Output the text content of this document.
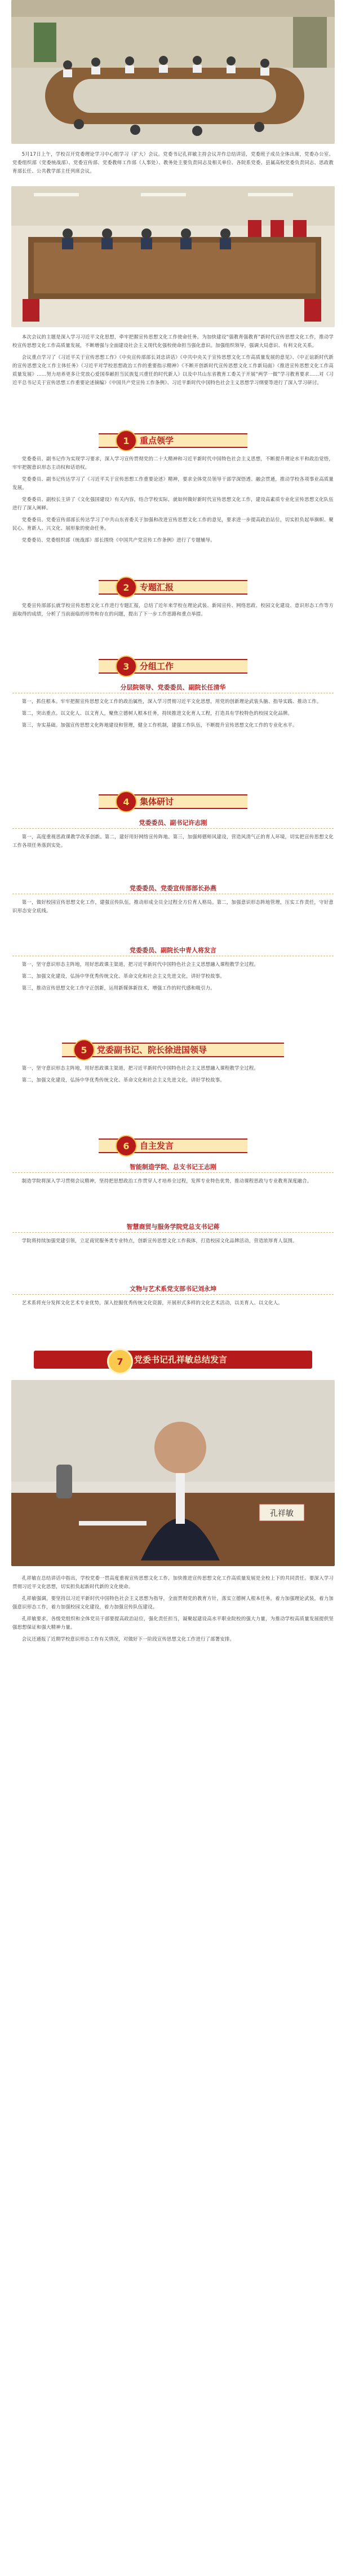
5月17日上午，学校召开党委理论学习中心组学习（扩大）会议。党委书记孔祥敏主持会议并作总结讲话，党委班子成员全体出席，党委办公室、党委组织部（党委统战部）、党委宣传部、党委教师工作部（人事处）、教务处主要负责同志及相关单位、各院系党委、县属高校党委负责同志、思政教育部长任、公共教学部主任列席会议。

本次会议的主题是深入学习习近平文化思想，牵牢把握宣传思想文化工作使命任务。为加快建设“强教育强教育”新时代宣传思想文化工作，推动学校宣传思想文化工作高质量发展，不断增强与全面建设社会主义现代化强校使命担当强化意识。加强组织领导，强调大局意识、有利文化关系。

会议重点学习了《习近平关于宣传思想工作》《中央宣传部部长刘忠讲话》《中共中央关于宣传思想文化工作高质量发展的意见》、《中正谊新时代新的宣传思想文化工作主体任务》《习近平对学校思想政治工作的重要指示精神》《不断开创新时代宣传思想文化工作新局面》《推进宣传思想文化工作高质量发展》……努力培养更多让党放心爱国奉献担当民族复兴重任的时代新人》以及中共山东省教育工委关于开展“两学一做”学习教育要求……对《习近平总书记关于宣传思想工作重要论述摘编》《中国共产党宣传工作条例》、习近平新时代中国特色社会主义思想学习纲要等进行了深入学习研讨。

1	重点领学

党委委员、副书记作为实现学习要求，深入学习宣传贯彻党的二十大精神和习近平新时代中国特色社会主义思想，不断提升理论水平和政治觉悟，牢牢把握意识形态主动权和话语权。

党委委员、副书记传达学习了《习近平关于宣传思想工作重要论述》精神，要求全体党员领导干部学深悟透、融会贯通，推动学校各项事业高质量发展。

党委委员、副校长主讲了《文化强国建设》有关内容，结合学校实际，就如何做好新时代宣传思想文化工作，建设高素质专业化宣传思想文化队伍进行了深入阐释。

党委委员、党委宣传部部长传达学习了中共山东省委关于加强和改进宣传思想文化工作的意见，要求进一步提高政治站位，切实担负起举旗帜、聚民心、育新人、兴文化、展形象的使命任务。

党委委员、党委组织部（统战部）部长围绕《中国共产党宣传工作条例》进行了专题辅导。

2	专题汇报

党委宣传部部长就学校宣传思想文化工作进行专题汇报，总结了近年来学校在理论武装、新闻宣传、网络思政、校园文化建设、意识形态工作等方面取得的成绩，分析了当前面临的形势和存在的问题，提出了下一步工作思路和重点举措。

3	分组工作
分层院领导、党委委员、副院长任清华

第一，抓住根本。牢牢把握宣传思想文化工作的政治属性，深入学习贯彻习近平文化思想，用党的创新理论武装头脑、指导实践、推动工作。

第二，突出重点。以文化人、以文育人，聚焦立德树人根本任务，持续推进文化育人工程，打造具有学校特色的校园文化品牌。

第三，夯实基础。加强宣传思想文化阵地建设和管理，健全工作机制，建强工作队伍，不断提升宣传思想文化工作的专业化水平。

4	集体研讨
党委委员、副书记许志刚

第一，高度重视思政课教学改革创新。第二，建好用好网络宣传阵地。第三，加强师德师风建设，营造风清气正的育人环境，切实把宣传思想文化工作各项任务落到实处。

党委委员、党委宣传部部长孙燕

第一，做好校园宣传思想文化工作，建强宣传队伍，推动形成全员全过程全方位育人格局。第二，加强意识形态阵地管理，压实工作责任，守好意识形态安全底线。

党委委员、副院长中青人将发言

第一，坚守意识形态主阵地，用好思政课主渠道，把习近平新时代中国特色社会主义思想融入课程教学全过程。

第二，加强文化建设，弘扬中华优秀传统文化、革命文化和社会主义先进文化，讲好学校故事。

第三，推动宣传思想文化工作守正创新，运用新媒体新技术，增强工作的时代感和吸引力。

5	党委副书记、院长徐进国领导

第一，坚守意识形态主阵地，用好思政课主渠道，把习近平新时代中国特色社会主义思想融入课程教学全过程。

第二，加强文化建设，弘扬中华优秀传统文化、革命文化和社会主义先进文化，讲好学校故事。

6	自主发言
智能制造学院、总支书记王志刚

制造学院将深入学习贯彻会议精神，坚持把思想政治工作贯穿人才培养全过程，发挥专业特色优势，推动课程思政与专业教育深度融合。

智慧商贸与服务学院党总支书记蒋

学院将持续加强党建引领，立足商贸服务类专业特点，创新宣传思想文化工作载体，打造校园文化品牌活动，营造浓厚育人氛围。

文物与艺术系党支部书记刘永坤

艺术系将充分发挥文化艺术专业优势，深入挖掘优秀传统文化资源，开展形式多样的文化艺术活动，以美育人、以文化人。

7	党委书记孔祥敏总结发言
孔祥敏

孔祥敏在总结讲话中指出，学校党委一贯高度重视宣传思想文化工作，加快推进宣传思想文化工作高质量发展是全校上下的共同责任。要深入学习贯彻习近平文化思想，切实担负起新时代新的文化使命。

孔祥敏强调，要坚持以习近平新时代中国特色社会主义思想为指导，全面贯彻党的教育方针，落实立德树人根本任务，着力加强理论武装，着力加强意识形态工作，着力加强校园文化建设，着力加强宣传队伍建设。

孔祥敏要求，各级党组织和全体党员干部要提高政治站位，强化责任担当，凝聚起建设高水平职业院校的强大力量，为推动学校高质量发展提供坚强思想保证和强大精神力量。

会议还通报了近期学校意识形态工作有关情况，对做好下一阶段宣传思想文化工作进行了部署安排。
